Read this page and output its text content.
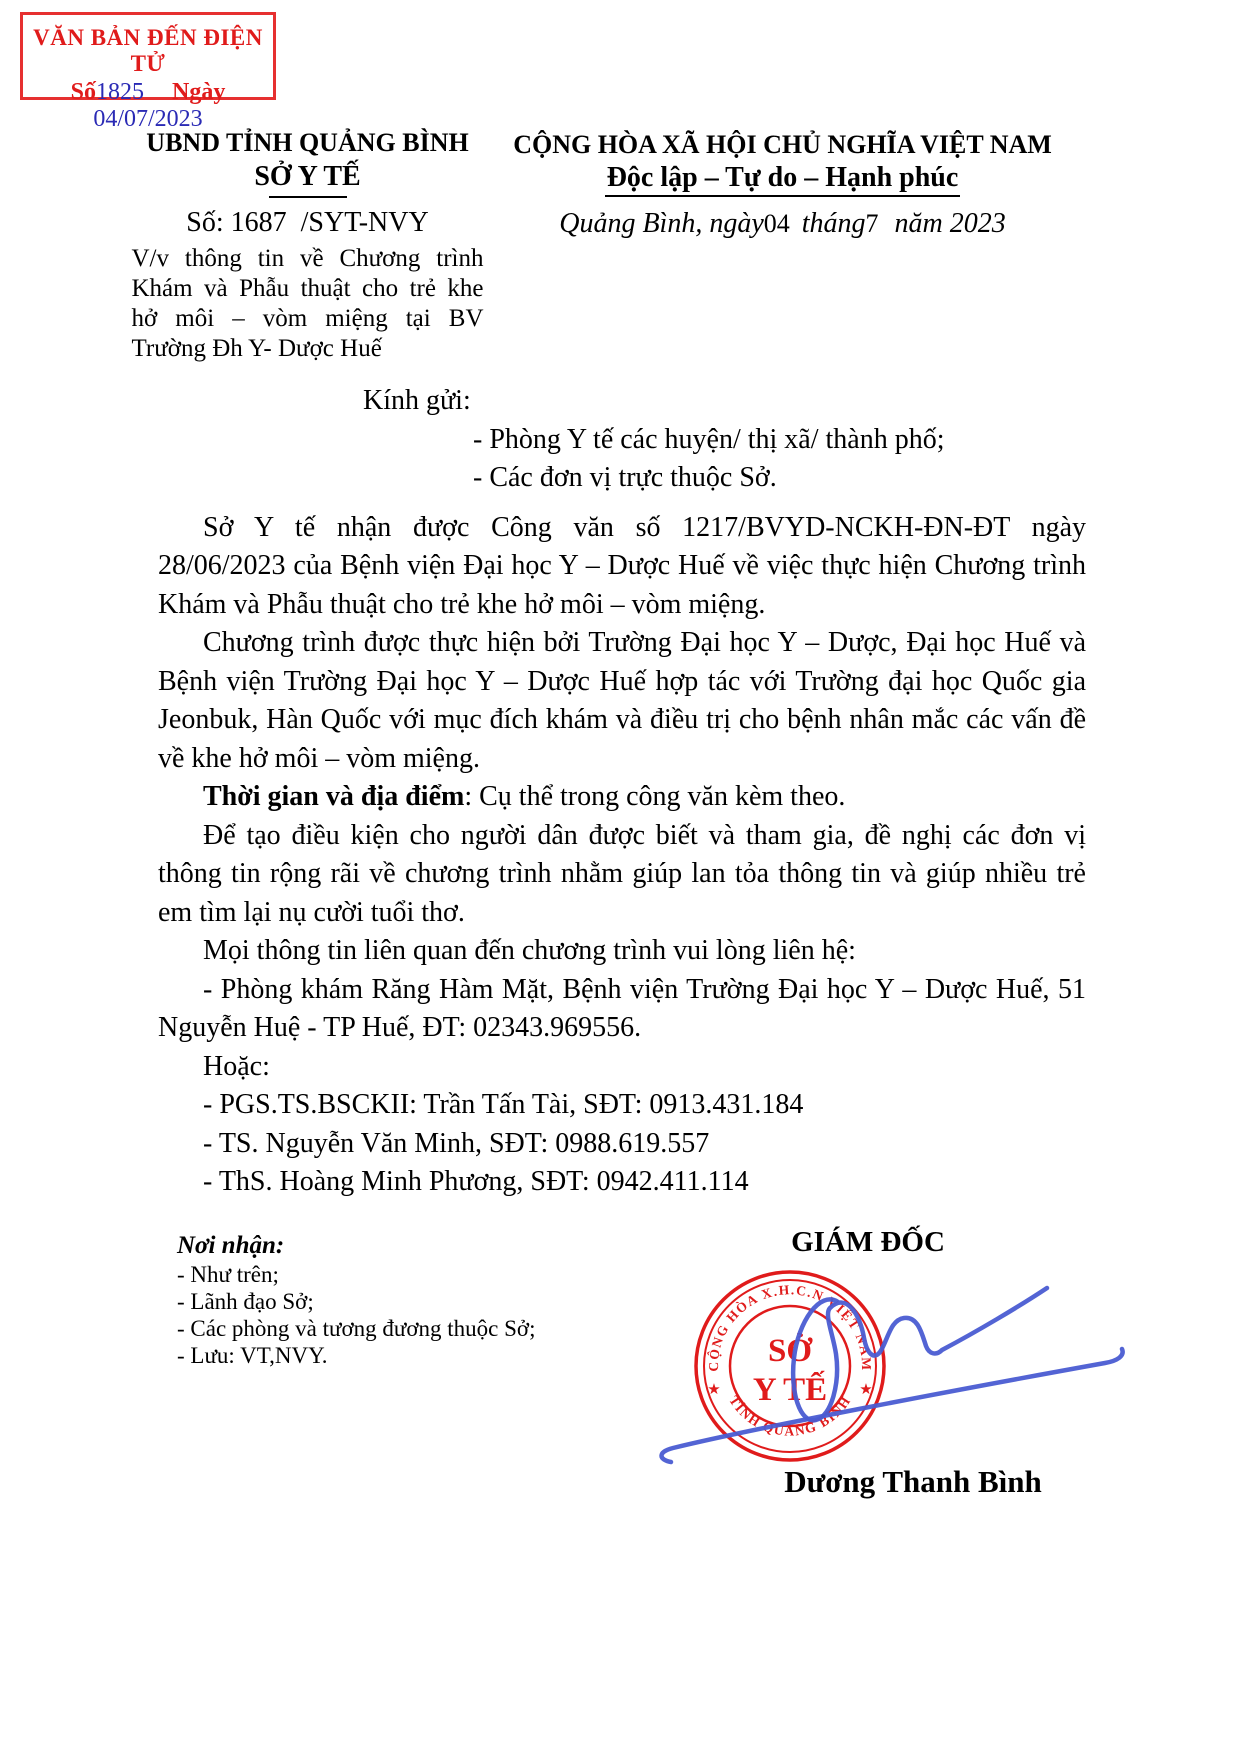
VĂN BẢN ĐẾN ĐIỆN TỬ
Số1825 Ngày 04/07/2023
UBND TỈNH QUẢNG BÌNH
SỞ Y TẾ
Số: 1687  /SYT-NVY
V/v thông tin về Chương trình Khám và Phẫu thuật cho trẻ khe hở môi – vòm miệng tại BV Trường Đh Y- Dược Huế
CỘNG HÒA XÃ HỘI CHỦ NGHĨA VIỆT NAM
Độc lập – Tự do – Hạnh phúc
Quảng Bình, ngày04 tháng7 năm 2023
Kính gửi:
- Phòng Y tế các huyện/ thị xã/ thành phố;
- Các đơn vị trực thuộc Sở.

Sở Y tế nhận được Công văn số 1217/BVYD-NCKH-ĐN-ĐT ngày 28/06/2023 của Bệnh viện Đại học Y – Dược Huế về việc thực hiện Chương trình Khám và Phẫu thuật cho trẻ khe hở môi – vòm miệng.

Chương trình được thực hiện bởi Trường Đại học Y – Dược, Đại học Huế và Bệnh viện Trường Đại học Y – Dược Huế hợp tác với Trường đại học Quốc gia Jeonbuk, Hàn Quốc với mục đích khám và điều trị cho bệnh nhân mắc các vấn đề về khe hở môi – vòm miệng.

Thời gian và địa điểm: Cụ thể trong công văn kèm theo.

Để tạo điều kiện cho người dân được biết và tham gia, đề nghị các đơn vị thông tin rộng rãi về chương trình nhằm giúp lan tỏa thông tin và giúp nhiều trẻ em tìm lại nụ cười tuổi thơ.

Mọi thông tin liên quan đến chương trình vui lòng liên hệ:

- Phòng khám Răng Hàm Mặt, Bệnh viện Trường Đại học Y – Dược Huế, 51 Nguyễn Huệ - TP Huế, ĐT: 02343.969556.

Hoặc:

- PGS.TS.BSCKII: Trần Tấn Tài, SĐT: 0913.431.184

- TS. Nguyễn Văn Minh, SĐT: 0988.619.557

- ThS. Hoàng Minh Phương, SĐT: 0942.411.114

Nơi nhận:
- Như trên;
- Lãnh đạo Sở;
- Các phòng và tương đương thuộc Sở;
- Lưu: VT,NVY.
GIÁM ĐỐC
CỘNG HÒA X.H.C.N VIỆT NAM
TỈNH QUẢNG BÌNH
SỞ
Y TẾ
★	★
Dương Thanh Bình
